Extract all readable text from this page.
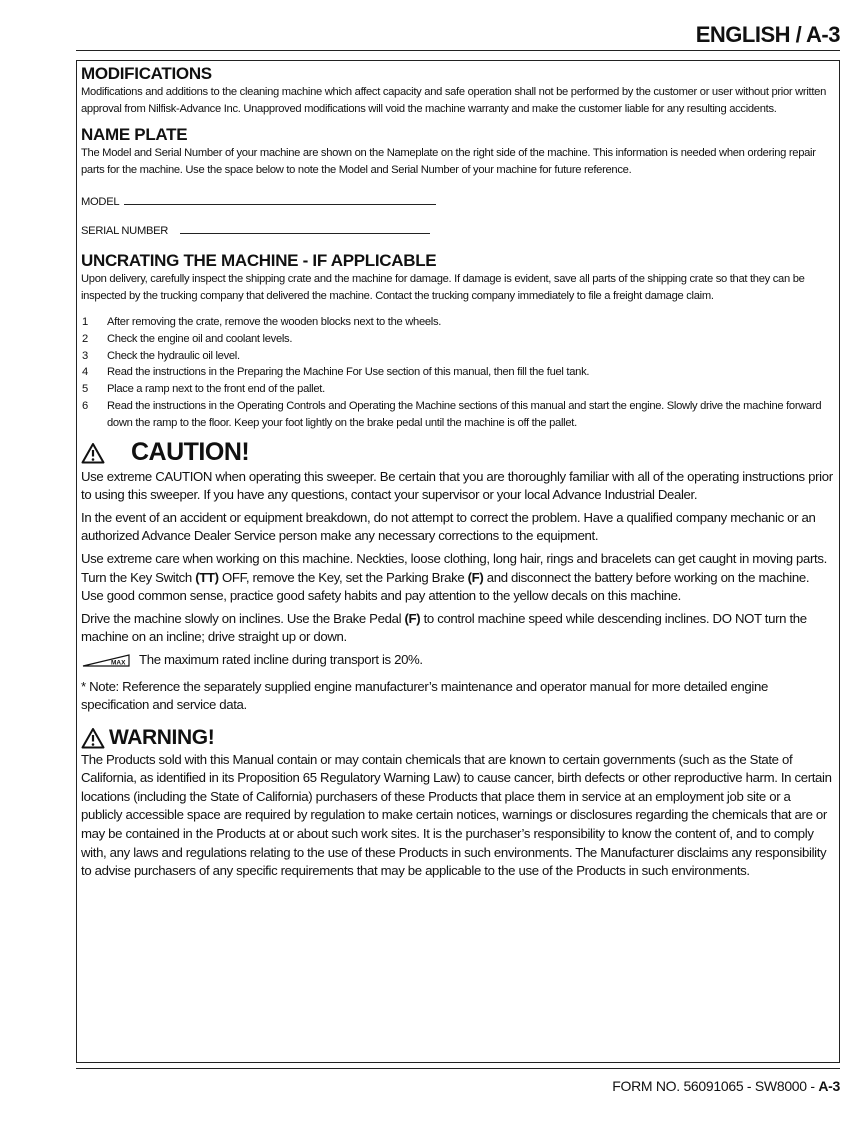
ENGLISH / A-3
MODIFICATIONS

Modifications and additions to the cleaning machine which affect capacity and safe operation shall not be performed by the customer or user without prior written approval from Nilfisk-Advance Inc. Unapproved modifications will void the machine warranty and make the customer liable for any resulting accidents.

NAME PLATE

The Model and Serial Number of your machine are shown on the Nameplate on the right side of the machine. This information is needed when ordering repair parts for the machine. Use the space below to note the Model and Serial Number of your machine for future reference.

MODEL

SERIAL NUMBER

UNCRATING THE MACHINE - IF APPLICABLE

Upon delivery, carefully inspect the shipping crate and the machine for damage. If damage is evident, save all parts of the shipping crate so that they can be inspected by the trucking company that delivered the machine. Contact the trucking company immediately to file a freight damage claim.

1 After removing the crate, remove the wooden blocks next to the wheels.
2 Check the engine oil and coolant levels.
3 Check the hydraulic oil level.
4 Read the instructions in the Preparing the Machine For Use section of this manual, then fill the fuel tank.
5 Place a ramp next to the front end of the pallet.
6 Read the instructions in the Operating Controls and Operating the Machine sections of this manual and start the engine. Slowly drive the machine forward down the ramp to the floor. Keep your foot lightly on the brake pedal until the machine is off the pallet.
CAUTION!

Use extreme CAUTION when operating this sweeper. Be certain that you are thoroughly familiar with all of the operating instructions prior to using this sweeper. If you have any questions, contact your supervisor or your local Advance Industrial Dealer.

In the event of an accident or equipment breakdown, do not attempt to correct the problem. Have a qualified company mechanic or an authorized Advance Dealer Service person make any necessary corrections to the equipment.

Use extreme care when working on this machine. Neckties, loose clothing, long hair, rings and bracelets can get caught in moving parts. Turn the Key Switch (TT) OFF, remove the Key, set the Parking Brake (F) and disconnect the battery before working on the machine. Use good common sense, practice good safety habits and pay attention to the yellow decals on this machine.

Drive the machine slowly on inclines. Use the Brake Pedal (F) to control machine speed while descending inclines. DO NOT turn the machine on an incline; drive straight up or down.

MAX The maximum rated incline during transport is 20%.

* Note: Reference the separately supplied engine manufacturer’s maintenance and operator manual for more detailed engine specification and service data.

WARNING!

The Products sold with this Manual contain or may contain chemicals that are known to certain governments (such as the State of California, as identified in its Proposition 65 Regulatory Warning Law) to cause cancer, birth defects or other reproductive harm. In certain locations (including the State of California) purchasers of these Products that place them in service at an employment job site or a publicly accessible space are required by regulation to make certain notices, warnings or disclosures regarding the chemicals that are or may be contained in the Products at or about such work sites. It is the purchaser’s responsibility to know the content of, and to comply with, any laws and regulations relating to the use of these Products in such environments. The Manufacturer disclaims any responsibility to advise purchasers of any specific requirements that may be applicable to the use of the Products in such environments.

FORM NO. 56091065 - SW8000 - A-3
